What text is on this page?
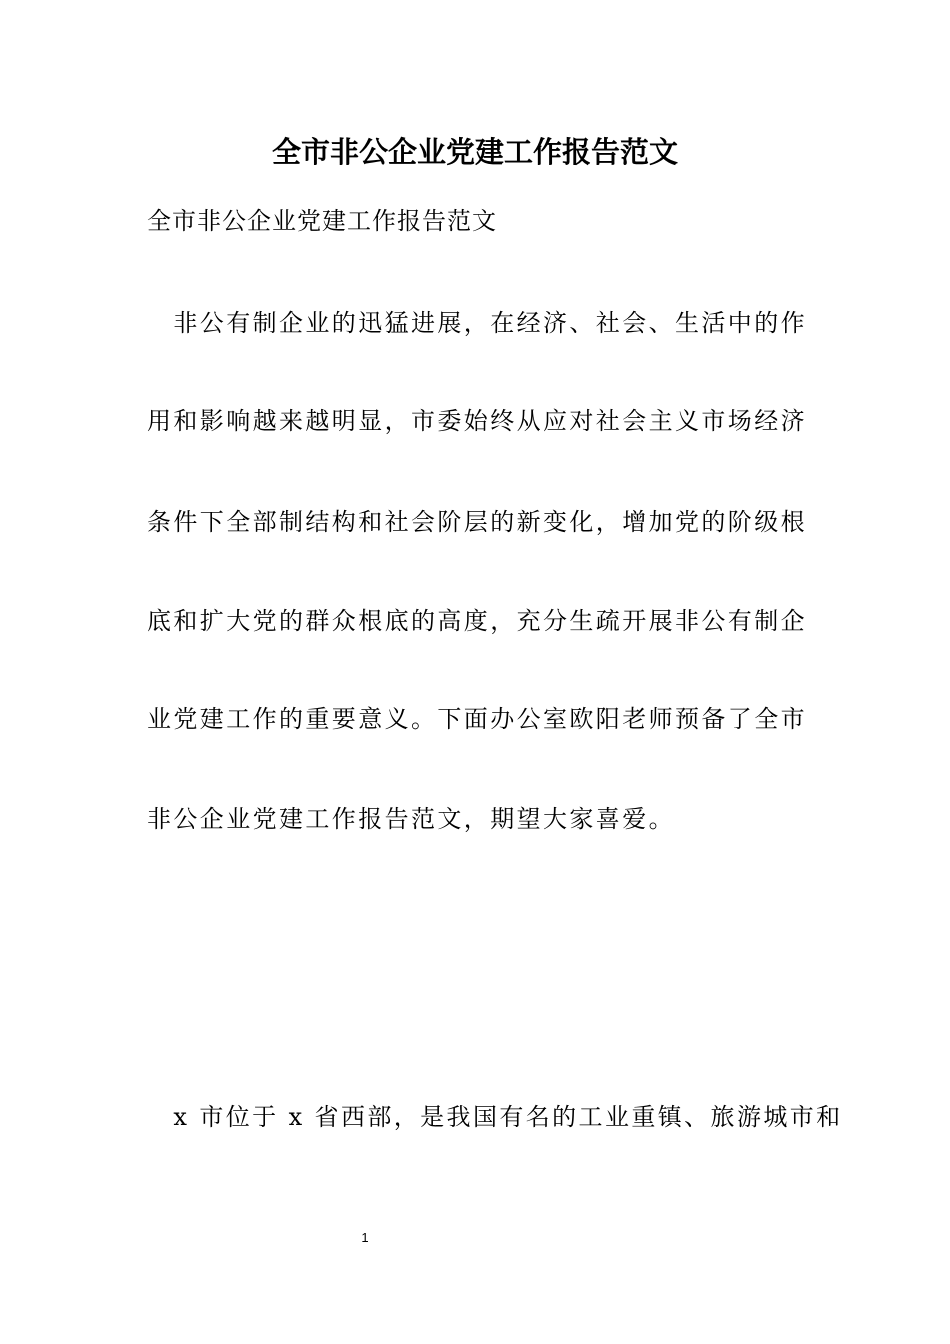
全市非公企业党建工作报告范文

全市非公企业党建工作报告范文

　非公有制企业的迅猛进展，在经济、社会、生活中的作

用和影响越来越明显，市委始终从应对社会主义市场经济

条件下全部制结构和社会阶层的新变化，增加党的阶级根

底和扩大党的群众根底的高度，充分生疏开展非公有制企

业党建工作的重要意义。下面办公室欧阳老师预备了全市

非公企业党建工作报告范文，期望大家喜爱。

　x 市位于 x 省西部，是我国有名的工业重镇、旅游城市和

1
